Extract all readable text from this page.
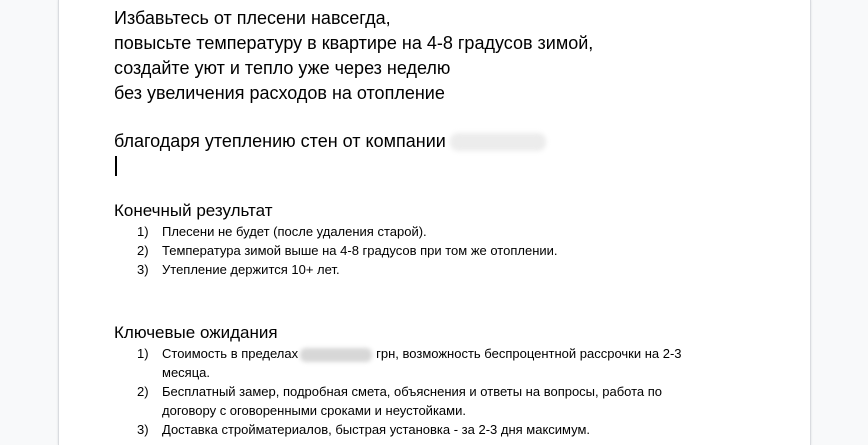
Избавьтесь от плесени навсегда,
повысьте температуру в квартире на 4-8 градусов зимой,
создайте уют и тепло уже через неделю
без увеличения расходов на отопление
благодаря утеплению стен от компании
Конечный результат
1) Плесени не будет (после удаления старой).
2) Температура зимой выше на 4-8 градусов при том же отоплении.
3) Утепление держится 10+ лет.
Ключевые ожидания
1) Стоимость в пределах	грн, возможность беспроцентной рассрочки на 2-3 месяца.
2) Бесплатный замер, подробная смета, объяснения и ответы на вопросы, работа по договору с оговоренными сроками и неустойками.
3) Доставка стройматериалов, быстрая установка - за 2-3 дня максимум.
